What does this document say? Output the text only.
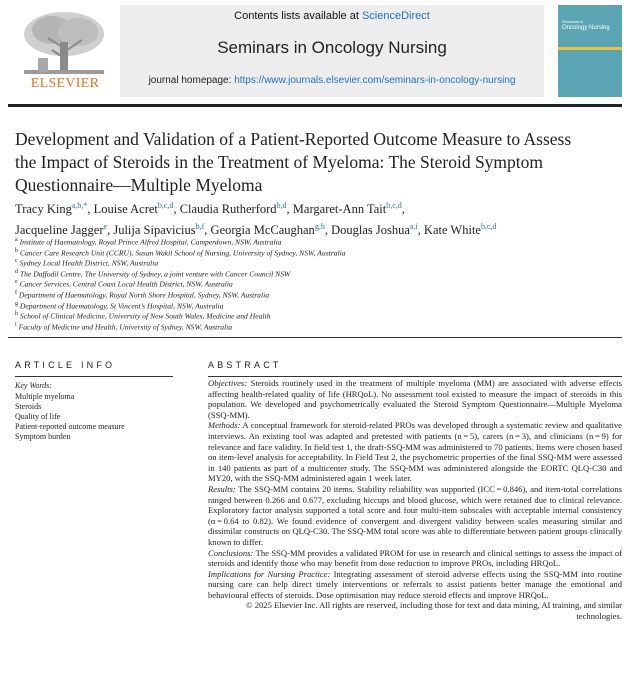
ELSEVIER
Contents lists available at ScienceDirect
Seminars in Oncology Nursing
journal homepage: https://www.journals.elsevier.com/seminars-in-oncology-nursing
Seminars in
Oncology Nursing
Development and Validation of a Patient-Reported Outcome Measure to Assess the Impact of Steroids in the Treatment of Myeloma: The Steroid Symptom Questionnaire—Multiple Myeloma
Tracy King$^{a,b,*}$, Louise Acret$^{b,c,d}$, Claudia Rutherford$^{b,d}$, Margaret-Ann Tait$^{b,c,d}$,
Jacqueline Jagger$^e$, Julija Sipavicius$^{b,f}$, Georgia McCaughan$^{g,h}$, Douglas Joshua$^{a,i}$, Kate White$^{b,c,d}$
$^a$ Institute of Haematology, Royal Prince Alfred Hospital, Camperdown, NSW, Australia
$^b$ Cancer Care Research Unit (CCRU), Susan Wakil School of Nursing, University of Sydney, NSW, Australia
$^c$ Sydney Local Health District, NSW, Australia
$^d$ The Daffodil Centre, The University of Sydney, a joint venture with Cancer Council NSW
$^e$ Cancer Services, Central Coast Local Health District, NSW, Australia
$^f$ Department of Haematology, Royal North Shore Hospital, Sydney, NSW, Australia
$^g$ Department of Haematology, St Vincent’s Hospital, NSW, Australia
$^h$ School of Clinical Medicine, University of New South Wales, Medicine and Health
$^i$ Faculty of Medicine and Health, University of Sydney, NSW, Australia
ARTICLE INFO
Key Words:
Multiple myeloma
Steroids
Quality of life
Patient-reported outcome measure
Symptom burden
ABSTRACT

Objectives: Steroids routinely used in the treatment of multiple myeloma (MM) are associated with adverse effects affecting health-related quality of life (HRQoL). No assessment tool existed to measure the impact of steroids in this population. We developed and psychometrically evaluated the Steroid Symptom Questionnaire—Multiple Myeloma (SSQ-MM).

Methods: A conceptual framework for steroid-related PROs was developed through a systematic review and qualitative interviews. An existing tool was adapted and pretested with patients (n = 5), carers (n = 3), and clinicians (n = 9) for relevance and face validity. In field test 1, the draft-SSQ-MM was administered to 70 patients. Items were chosen based on item-level analysis for acceptability. In Field Test 2, the psychometric properties of the final SSQ-MM were assessed in 140 patients as part of a multicenter study. The SSQ-MM was administered alongside the EORTC QLQ-C30 and MY20, with the SSQ-MM administered again 1 week later.

Results: The SSQ-MM contains 20 items. Stability reliability was supported (ICC = 0.846), and item-total correlations ranged between 0.266 and 0.677, excluding hiccups and blood glucose, which were retained due to clinical relevance. Exploratory factor analysis supported a total score and four multi-item subscales with acceptable internal consistency (α = 0.64 to 0.82). We found evidence of convergent and divergent validity between scales measuring similar and dissimilar constructs on QLQ-C30. The SSQ-MM total score was able to differentiate between patient groups clinically known to differ.

Conclusions: The SSQ-MM provides a validated PROM for use in research and clinical settings to assess the impact of steroids and identify those who may benefit from dose reduction to improve PROs, including HRQoL.

Implications for Nursing Practice: Integrating assessment of steroid adverse effects using the SSQ-MM into routine nursing care can help direct timely interventions or referrals to assist patients better manage the emotional and behavioural effects of steroids. Dose optimisation may reduce steroid effects and improve HRQoL.

© 2025 Elsevier Inc. All rights are reserved, including those for text and data mining, AI training, and similar technologies.
